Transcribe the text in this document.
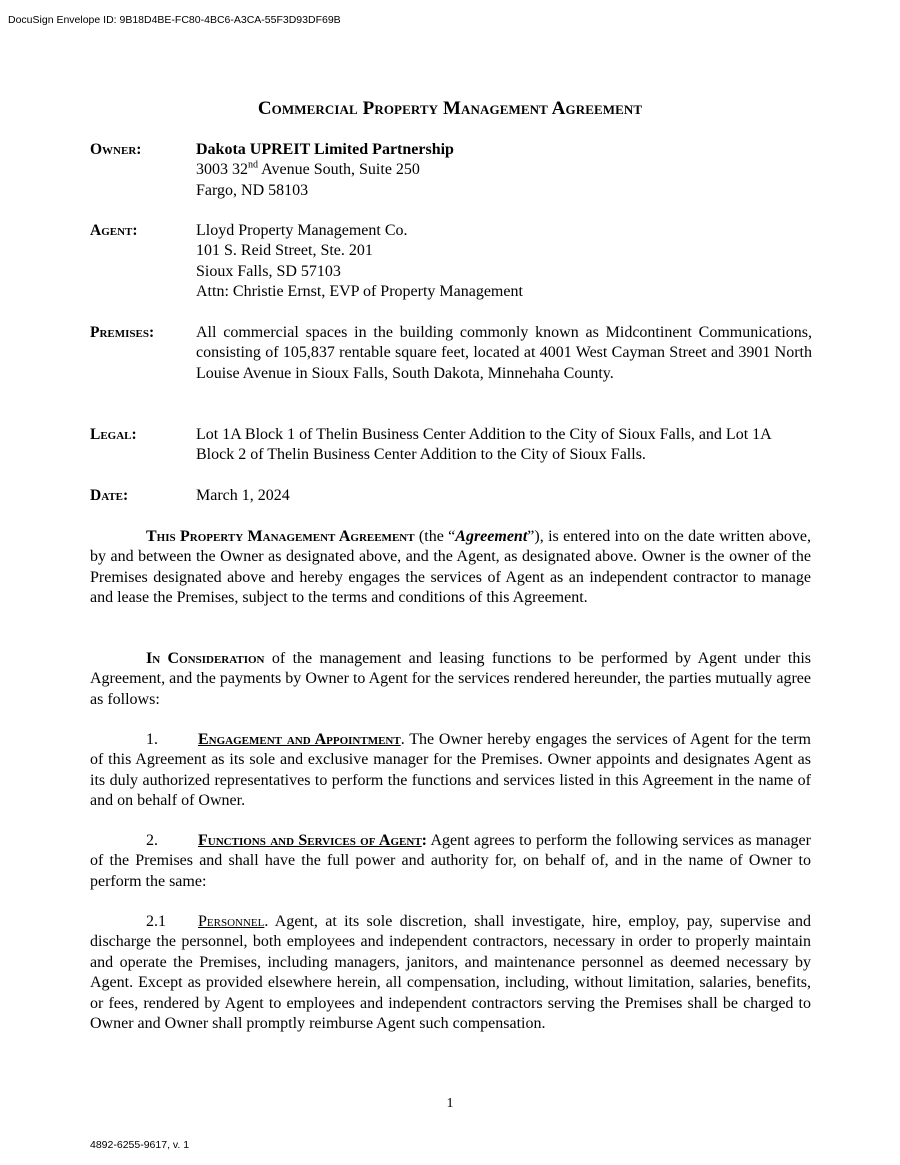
DocuSign Envelope ID: 9B18D4BE-FC80-4BC6-A3CA-55F3D93DF69B
Commercial Property Management Agreement
Owner:	Dakota UPREIT Limited Partnership
3003 32nd Avenue South, Suite 250
Fargo, ND 58103
Agent:	Lloyd Property Management Co.
101 S. Reid Street, Ste. 201
Sioux Falls, SD 57103
Attn: Christie Ernst, EVP of Property Management
Premises:	All commercial spaces in the building commonly known as Midcontinent Communications, consisting of 105,837 rentable square feet, located at 4001 West Cayman Street and 3901 North Louise Avenue in Sioux Falls, South Dakota, Minnehaha County.
Legal:	Lot 1A Block 1 of Thelin Business Center Addition to the City of Sioux Falls, and Lot 1A Block 2 of Thelin Business Center Addition to the City of Sioux Falls.
Date:	March 1, 2024
This Property Management Agreement (the “Agreement”), is entered into on the date written above, by and between the Owner as designated above, and the Agent, as designated above. Owner is the owner of the Premises designated above and hereby engages the services of Agent as an independent contractor to manage and lease the Premises, subject to the terms and conditions of this Agreement.
In Consideration of the management and leasing functions to be performed by Agent under this Agreement, and the payments by Owner to Agent for the services rendered hereunder, the parties mutually agree as follows:
1.	Engagement and Appointment. The Owner hereby engages the services of Agent for the term of this Agreement as its sole and exclusive manager for the Premises. Owner appoints and designates Agent as its duly authorized representatives to perform the functions and services listed in this Agreement in the name of and on behalf of Owner.
2.	Functions and Services of Agent: Agent agrees to perform the following services as manager of the Premises and shall have the full power and authority for, on behalf of, and in the name of Owner to perform the same:
2.1 Personnel. Agent, at its sole discretion, shall investigate, hire, employ, pay, supervise and discharge the personnel, both employees and independent contractors, necessary in order to properly maintain and operate the Premises, including managers, janitors, and maintenance personnel as deemed necessary by Agent. Except as provided elsewhere herein, all compensation, including, without limitation, salaries, benefits, or fees, rendered by Agent to employees and independent contractors serving the Premises shall be charged to Owner and Owner shall promptly reimburse Agent such compensation.
1
4892-6255-9617, v. 1
